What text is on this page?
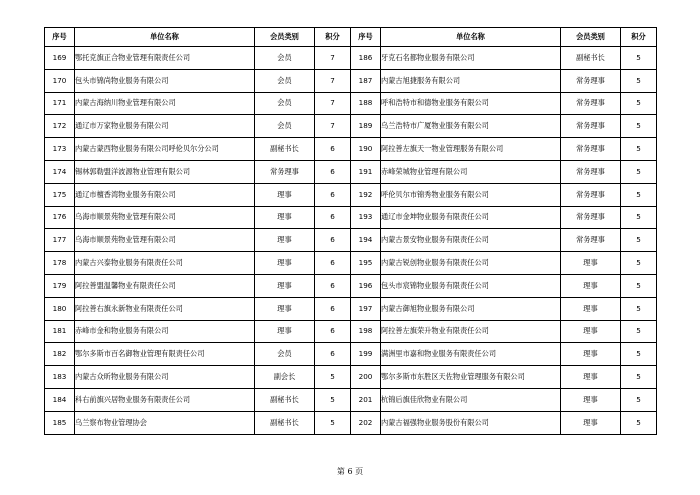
序号	单位名称	会员类别	积分	序号	单位名称	会员类别	积分
169	鄂托克旗正合物业管理有限责任公司	会员	7	186	牙克石名都物业服务有限公司	副秘书长	5
170	包头市锦尚物业服务有限公司	会员	7	187	内蒙古旭捷服务有限公司	常务理事	5
171	内蒙古海纳川物业管理有限公司	会员	7	188	呼和浩特市和德物业服务有限公司	常务理事	5
172	通辽市万家物业服务有限公司	会员	7	189	乌兰浩特市广厦物业服务有限公司	常务理事	5
173	内蒙古蒙西物业服务有限公司呼伦贝尔分公司	副秘书长	6	190	阿拉善左旗天一物业管理服务有限公司	常务理事	5
174	锡林郭勒盟洋波源物业管理有限公司	常务理事	6	191	赤峰荣城物业管理有限公司	常务理事	5
175	通辽市檀香湾物业服务有限公司	理事	6	192	呼伦贝尔市锦秀物业服务有限公司	常务理事	5
176	乌海市顺景苑物业管理有限公司	理事	6	193	通辽市金坤物业服务有限责任公司	常务理事	5
177	乌海市顺景苑物业管理有限公司	理事	6	194	内蒙古景安物业服务有限责任公司	常务理事	5
178	内蒙古兴泰物业服务有限责任公司	理事	6	195	内蒙古锐创物业服务有限责任公司	理事	5
179	阿拉善盟温馨物业有限责任公司	理事	6	196	包头市宸锦物业服务有限责任公司	理事	5
180	阿拉善右旗永新物业有限责任公司	理事	6	197	内蒙古御旭物业服务有限公司	理事	5
181	赤峰市金和物业服务有限公司	理事	6	198	阿拉善左旗荣升物业有限责任公司	理事	5
182	鄂尔多斯市百名御物业管理有限责任公司	会员	6	199	满洲里市嘉和物业服务有限责任公司	理事	5
183	内蒙古众昕物业服务有限公司	副会长	5	200	鄂尔多斯市东胜区天佐物业管理服务有限公司	理事	5
184	科右前旗兴居物业服务有限责任公司	副秘书长	5	201	杭锦后旗佳欣物业有限公司	理事	5
185	乌兰察布物业管理协会	副秘书长	5	202	内蒙古福强物业服务股份有限公司	理事	5
第 6 页
